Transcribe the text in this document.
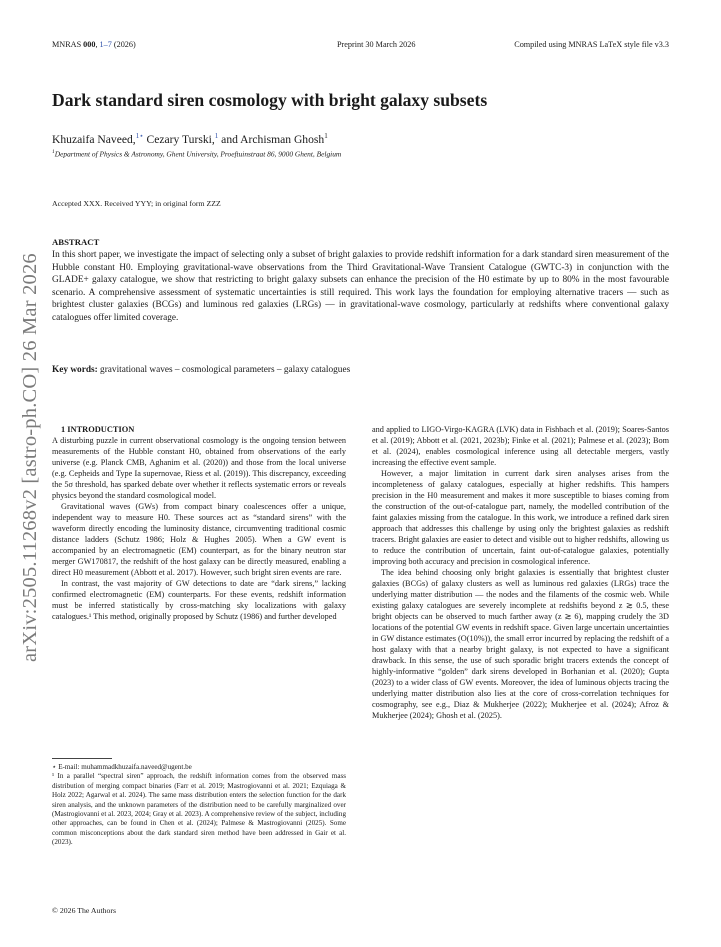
MNRAS 000, 1–7 (2026)	Preprint 30 March 2026	Compiled using MNRAS LaTeX style file v3.3
arXiv:2505.11268v2 [astro-ph.CO] 26 Mar 2026
Dark standard siren cosmology with bright galaxy subsets
Khuzaifa Naveed,$^{1⋆}$ Cezary Turski,$^1$ and Archisman Ghosh$^1$
$^1$Department of Physics & Astronomy, Ghent University, Proeftuinstraat 86, 9000 Ghent, Belgium
Accepted XXX. Received YYY; in original form ZZZ
ABSTRACT

In this short paper, we investigate the impact of selecting only a subset of bright galaxies to provide redshift information for a dark standard siren measurement of the Hubble constant H0. Employing gravitational-wave observations from the Third Gravitational-Wave Transient Catalogue (GWTC-3) in conjunction with the GLADE+ galaxy catalogue, we show that restricting to bright galaxy subsets can enhance the precision of the H0 estimate by up to 80% in the most favourable scenario. A comprehensive assessment of systematic uncertainties is still required. This work lays the foundation for employing alternative tracers — such as brightest cluster galaxies (BCGs) and luminous red galaxies (LRGs) — in gravitational-wave cosmology, particularly at redshifts where conventional galaxy catalogues offer limited coverage.

Key words: gravitational waves – cosmological parameters – galaxy catalogues

1 INTRODUCTION

A disturbing puzzle in current observational cosmology is the ongoing tension between measurements of the Hubble constant H0, obtained from observations of the early universe (e.g. Planck CMB, Aghanim et al. (2020)) and those from the local universe (e.g. Cepheids and Type Ia supernovae, Riess et al. (2019)). This discrepancy, exceeding the 5σ threshold, has sparked debate over whether it reflects systematic errors or reveals physics beyond the standard cosmological model.

Gravitational waves (GWs) from compact binary coalescences offer a unique, independent way to measure H0. These sources act as “standard sirens” with the waveform directly encoding the luminosity distance, circumventing traditional cosmic distance ladders (Schutz 1986; Holz & Hughes 2005). When a GW event is accompanied by an electromagnetic (EM) counterpart, as for the binary neutron star merger GW170817, the redshift of the host galaxy can be directly measured, enabling a direct H0 measurement (Abbott et al. 2017). However, such bright siren events are rare.

In contrast, the vast majority of GW detections to date are “dark sirens,” lacking confirmed electromagnetic (EM) counterparts. For these events, redshift information must be inferred statistically by cross-matching sky localizations with galaxy catalogues.¹ This method, originally proposed by Schutz (1986) and further developed

and applied to LIGO-Virgo-KAGRA (LVK) data in Fishbach et al. (2019); Soares-Santos et al. (2019); Abbott et al. (2021, 2023b); Finke et al. (2021); Palmese et al. (2023); Bom et al. (2024), enables cosmological inference using all detectable mergers, vastly increasing the effective event sample.

However, a major limitation in current dark siren analyses arises from the incompleteness of galaxy catalogues, especially at higher redshifts. This hampers precision in the H0 measurement and makes it more susceptible to biases coming from the construction of the out-of-catalogue part, namely, the modelled contribution of the faint galaxies missing from the catalogue. In this work, we introduce a refined dark siren approach that addresses this challenge by using only the brightest galaxies as redshift tracers. Bright galaxies are easier to detect and visible out to higher redshifts, allowing us to reduce the contribution of uncertain, faint out-of-catalogue galaxies, potentially improving both accuracy and precision in cosmological inference.

The idea behind choosing only bright galaxies is essentially that brightest cluster galaxies (BCGs) of galaxy clusters as well as luminous red galaxies (LRGs) trace the underlying matter distribution — the nodes and the filaments of the cosmic web. While existing galaxy catalogues are severely incomplete at redshifts beyond z ≳ 0.5, these bright objects can be observed to much farther away (z ≳ 6), mapping crudely the 3D locations of the potential GW events in redshift space. Given large uncertain uncertainties in GW distance estimates (O(10%)), the small error incurred by replacing the redshift of a host galaxy with that a nearby bright galaxy, is not expected to have a significant drawback. In this sense, the use of such sporadic bright tracers extends the concept of highly-informative “golden” dark sirens developed in Borhanian et al. (2020); Gupta (2023) to a wider class of GW events. Moreover, the idea of luminous objects tracing the underlying matter distribution also lies at the core of cross-correlation techniques for cosmography, see e.g., Diaz & Mukherjee (2022); Mukherjee et al. (2024); Afroz & Mukherjee (2024); Ghosh et al. (2025).

⋆ E-mail: muhammadkhuzaifa.naveed@ugent.be

¹ In a parallel “spectral siren” approach, the redshift information comes from the observed mass distribution of merging compact binaries (Farr et al. 2019; Mastrogiovanni et al. 2021; Ezquiaga & Holz 2022; Agarwal et al. 2024). The same mass distribution enters the selection function for the dark siren analysis, and the unknown parameters of the distribution need to be carefully marginalized over (Mastrogiovanni et al. 2023, 2024; Gray et al. 2023). A comprehensive review of the subject, including other approaches, can be found in Chen et al. (2024); Palmese & Mastrogiovanni (2025). Some common misconceptions about the dark standard siren method have been addressed in Gair et al. (2023).

© 2026 The Authors
